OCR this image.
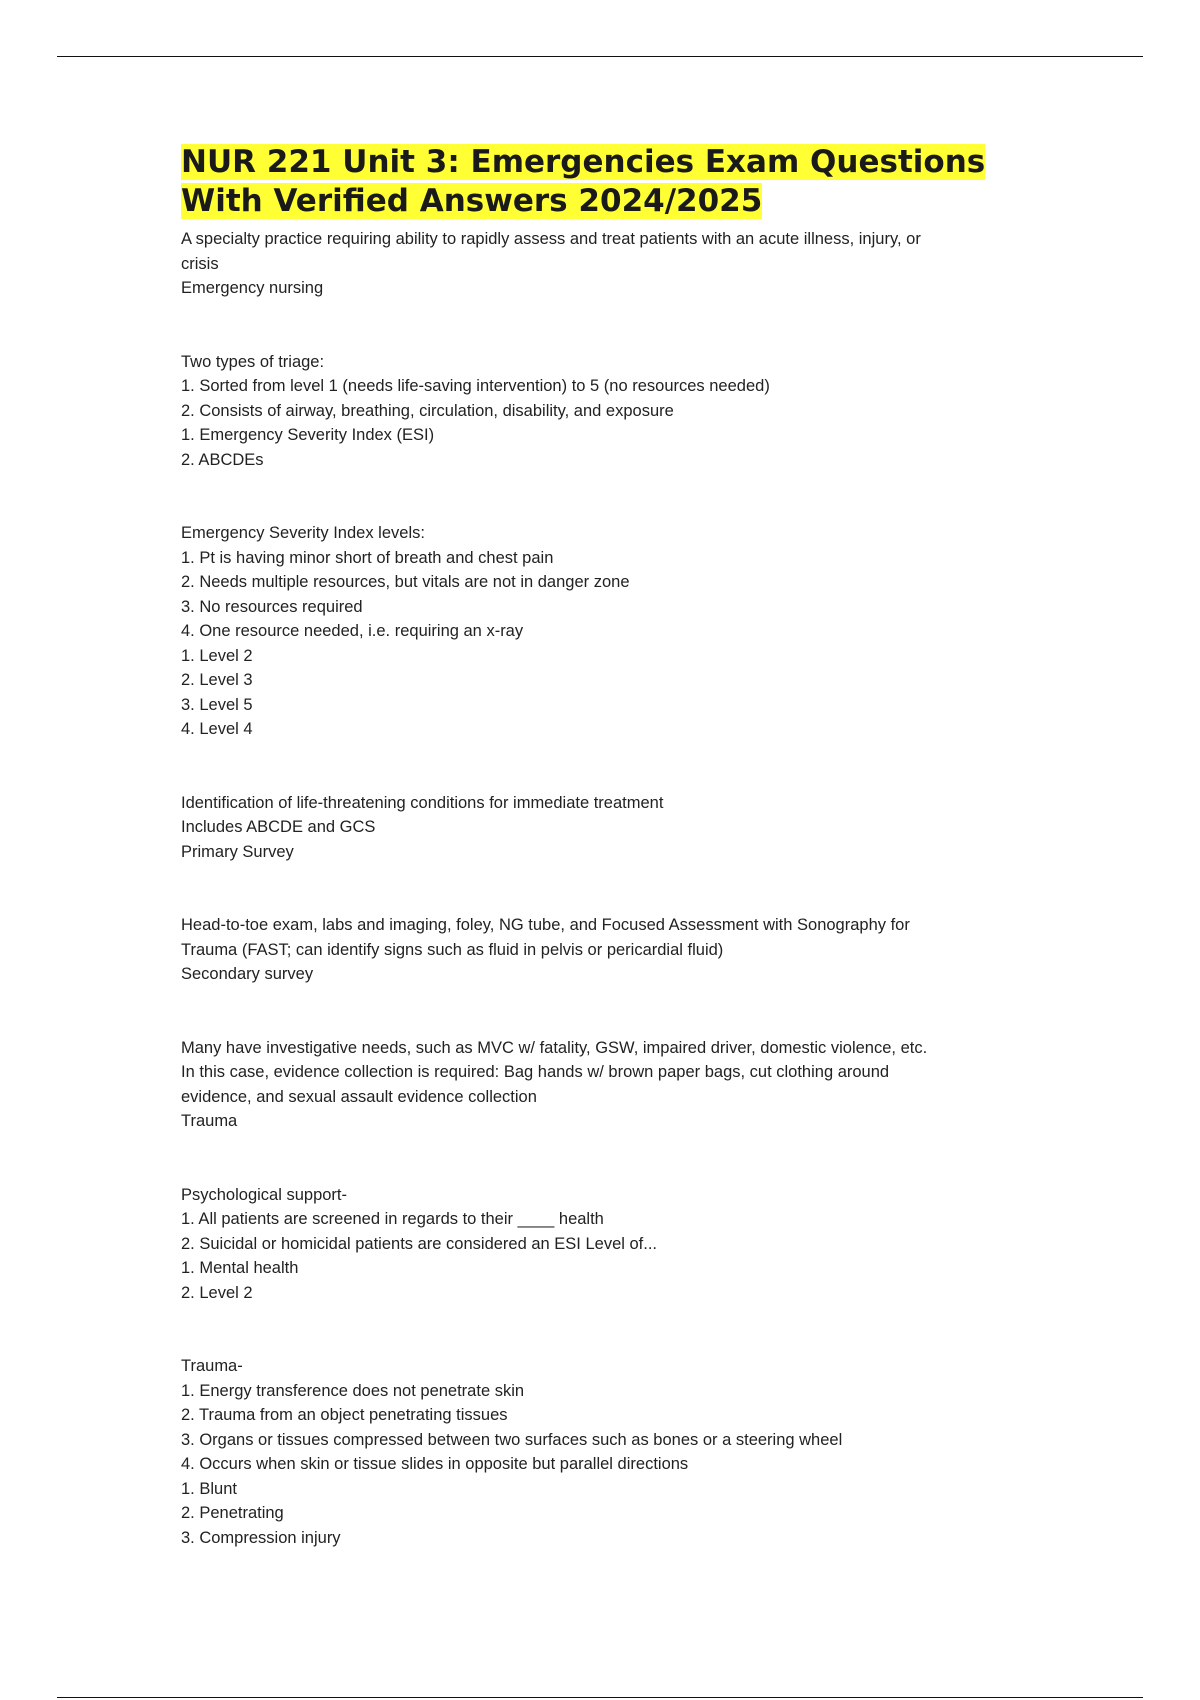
NUR 221 Unit 3: Emergencies Exam Questions
With Verified Answers 2024/2025
A specialty practice requiring ability to rapidly assess and treat patients with an acute illness, injury, or
crisis
Emergency nursing
Two types of triage:
1. Sorted from level 1 (needs life-saving intervention) to 5 (no resources needed)
2. Consists of airway, breathing, circulation, disability, and exposure
1. Emergency Severity Index (ESI)
2. ABCDEs
Emergency Severity Index levels:
1. Pt is having minor short of breath and chest pain
2. Needs multiple resources, but vitals are not in danger zone
3. No resources required
4. One resource needed, i.e. requiring an x-ray
1. Level 2
2. Level 3
3. Level 5
4. Level 4
Identification of life-threatening conditions for immediate treatment
Includes ABCDE and GCS
Primary Survey
Head-to-toe exam, labs and imaging, foley, NG tube, and Focused Assessment with Sonography for
Trauma (FAST; can identify signs such as fluid in pelvis or pericardial fluid)
Secondary survey
Many have investigative needs, such as MVC w/ fatality, GSW, impaired driver, domestic violence, etc.
In this case, evidence collection is required: Bag hands w/ brown paper bags, cut clothing around
evidence, and sexual assault evidence collection
Trauma
Psychological support-
1. All patients are screened in regards to their ____ health
2. Suicidal or homicidal patients are considered an ESI Level of...
1. Mental health
2. Level 2
Trauma-
1. Energy transference does not penetrate skin
2. Trauma from an object penetrating tissues
3. Organs or tissues compressed between two surfaces such as bones or a steering wheel
4. Occurs when skin or tissue slides in opposite but parallel directions
1. Blunt
2. Penetrating
3. Compression injury
